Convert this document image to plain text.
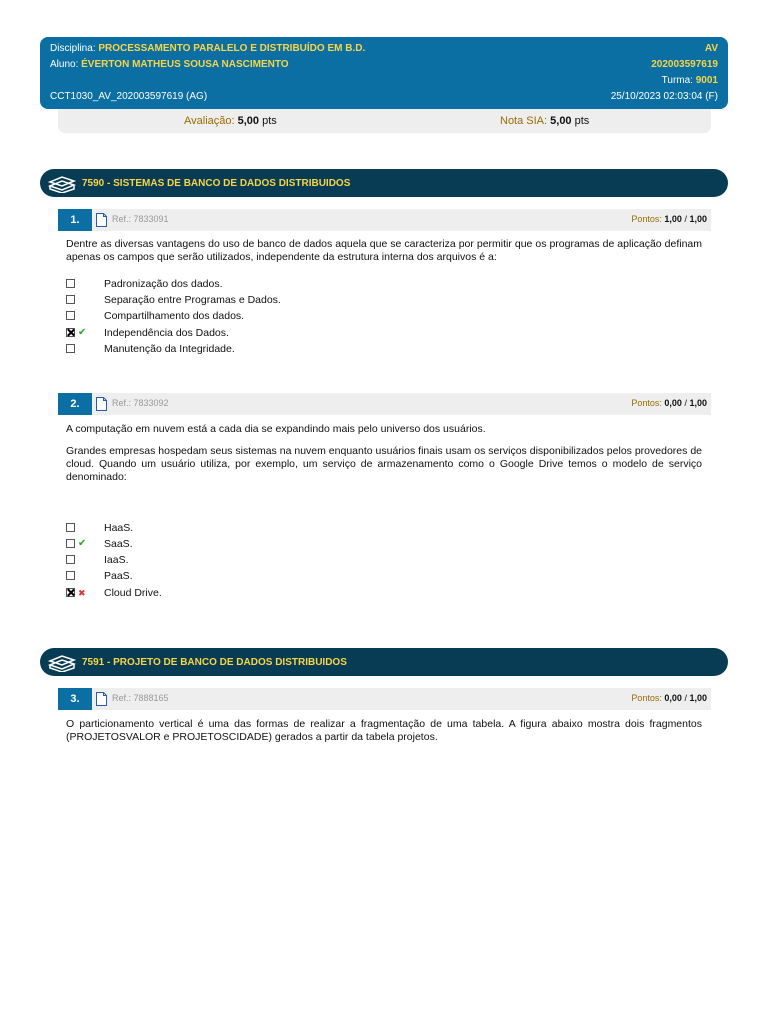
Disciplina: PROCESSAMENTO PARALELO E DISTRIBUÍDO EM B.D.
Aluno: ÉVERTON MATHEUS SOUSA NASCIMENTO
CCT1030_AV_202003597619 (AG)
AV
202003597619
Turma: 9001
25/10/2023 02:03:04 (F)
Avaliação: 5,00 pts	Nota SIA: 5,00 pts
7590 - SISTEMAS DE BANCO DE DADOS DISTRIBUIDOS
1.	Ref.: 7833091	Pontos: 1,00 / 1,00

Dentre as diversas vantagens do uso de banco de dados aquela que se caracteriza por permitir que os programas de aplicação definam apenas os campos que serão utilizados, independente da estrutura interna dos arquivos é a:

Padronização dos dados.
Separação entre Programas e Dados.
Compartilhamento dos dados.
✔ Independência dos Dados.
Manutenção da Integridade.
2.	Ref.: 7833092	Pontos: 0,00 / 1,00

A computação em nuvem está a cada dia se expandindo mais pelo universo dos usuários.

Grandes empresas hospedam seus sistemas na nuvem enquanto usuários finais usam os serviços disponibilizados pelos provedores de cloud. Quando um usuário utiliza, por exemplo, um serviço de armazenamento como o Google Drive temos o modelo de serviço denominado:

HaaS.
✔ SaaS.
IaaS.
PaaS.
✖ Cloud Drive.
7591 - PROJETO DE BANCO DE DADOS DISTRIBUIDOS
3.	Ref.: 7888165	Pontos: 0,00 / 1,00

O particionamento vertical é uma das formas de realizar a fragmentação de uma tabela. A figura abaixo mostra dois fragmentos (PROJETOSVALOR e PROJETOSCIDADE) gerados a partir da tabela projetos.
